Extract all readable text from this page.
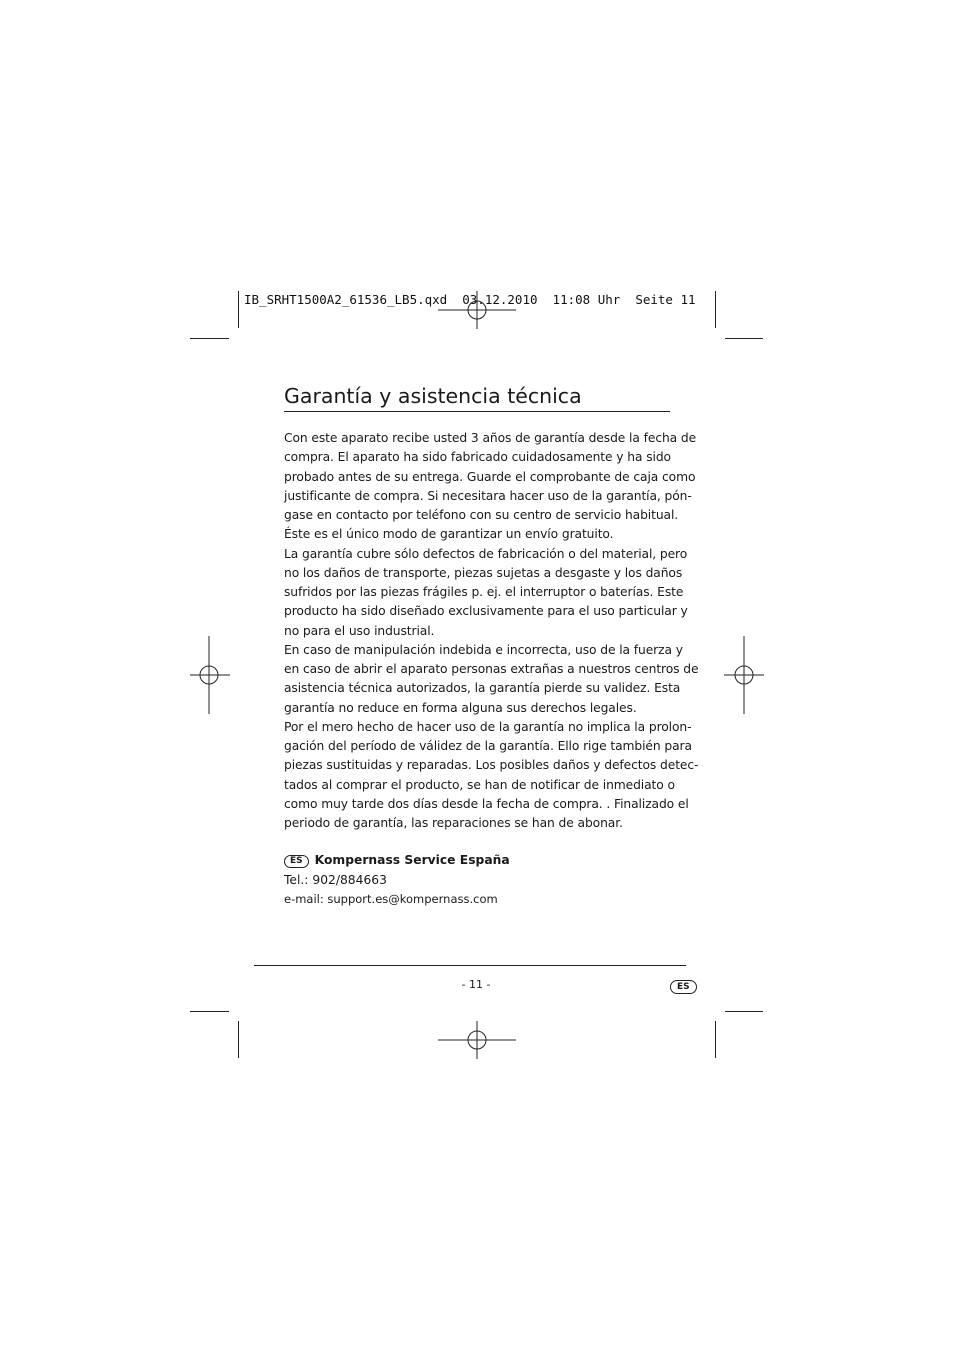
IB_SRHT1500A2_61536_LB5.qxd  03.12.2010  11:08 Uhr  Seite 11
Garantía y asistencia técnica
Con este aparato recibe usted 3 años de garantía desde la fecha de
compra. El aparato ha sido fabricado cuidadosamente y ha sido
probado antes de su entrega. Guarde el comprobante de caja como
justificante de compra. Si necesitara hacer uso de la garantía, pón-
gase en contacto por teléfono con su centro de servicio habitual.
Éste es el único modo de garantizar un envío gratuito.
La garantía cubre sólo defectos de fabricación o del material, pero
no los daños de transporte, piezas sujetas a desgaste y los daños
sufridos por las piezas frágiles p. ej. el interruptor o baterías. Este
producto ha sido diseñado exclusivamente para el uso particular y
no para el uso industrial.
En caso de manipulación indebida e incorrecta, uso de la fuerza y
en caso de abrir el aparato personas extrañas a nuestros centros de
asistencia técnica autorizados, la garantía pierde su validez. Esta
garantía no reduce en forma alguna sus derechos legales.
Por el mero hecho de hacer uso de la garantía no implica la prolon-
gación del período de válidez de la garantía. Ello rige también para
piezas sustituidas y reparadas. Los posibles daños y defectos detec-
tados al comprar el producto, se han de notificar de inmediato o
como muy tarde dos días desde la fecha de compra. . Finalizado el
periodo de garantía, las reparaciones se han de abonar.
ES Kompernass Service España
Tel.: 902/884663
e-mail: support.es@kompernass.com
- 11 -	ES
